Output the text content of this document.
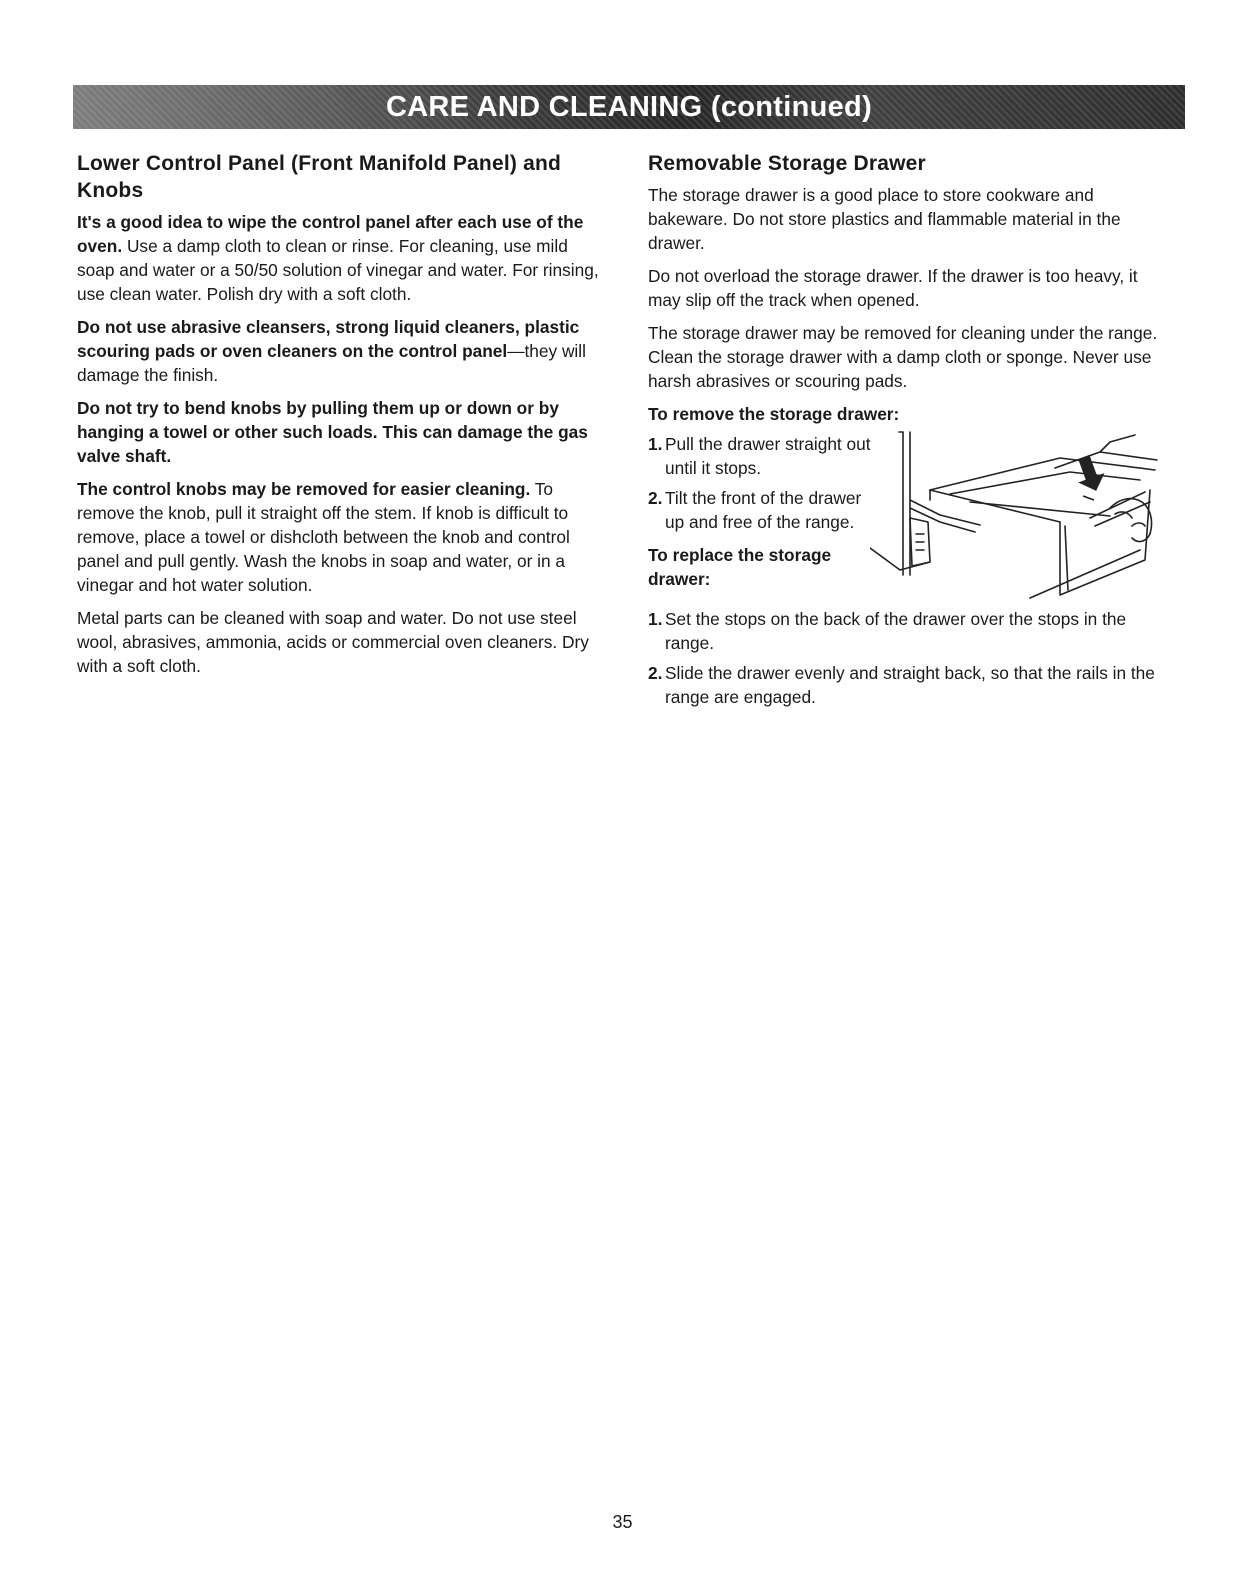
CARE AND CLEANING (continued)
Lower Control Panel (Front Manifold Panel) and Knobs

It's a good idea to wipe the control panel after each use of the oven. Use a damp cloth to clean or rinse. For cleaning, use mild soap and water or a 50/50 solution of vinegar and water. For rinsing, use clean water. Polish dry with a soft cloth.

Do not use abrasive cleansers, strong liquid cleaners, plastic scouring pads or oven cleaners on the control panel—they will damage the finish.

Do not try to bend knobs by pulling them up or down or by hanging a towel or other such loads. This can damage the gas valve shaft.

The control knobs may be removed for easier cleaning. To remove the knob, pull it straight off the stem. If knob is difficult to remove, place a towel or dishcloth between the knob and control panel and pull gently. Wash the knobs in soap and water, or in a vinegar and hot water solution.

Metal parts can be cleaned with soap and water. Do not use steel wool, abrasives, ammonia, acids or commercial oven cleaners. Dry with a soft cloth.

Removable Storage Drawer

The storage drawer is a good place to store cookware and bakeware. Do not store plastics and flammable material in the drawer.

Do not overload the storage drawer. If the drawer is too heavy, it may slip off the track when opened.

The storage drawer may be removed for cleaning under the range. Clean the storage drawer with a damp cloth or sponge. Never use harsh abrasives or scouring pads.

To remove the storage drawer:
1. Pull the drawer straight out until it stops.
2. Tilt the front of the drawer up and free of the range.
To replace the storage drawer:
1. Set the stops on the back of the drawer over the stops in the range.
2. Slide the drawer evenly and straight back, so that the rails in the range are engaged.
35
